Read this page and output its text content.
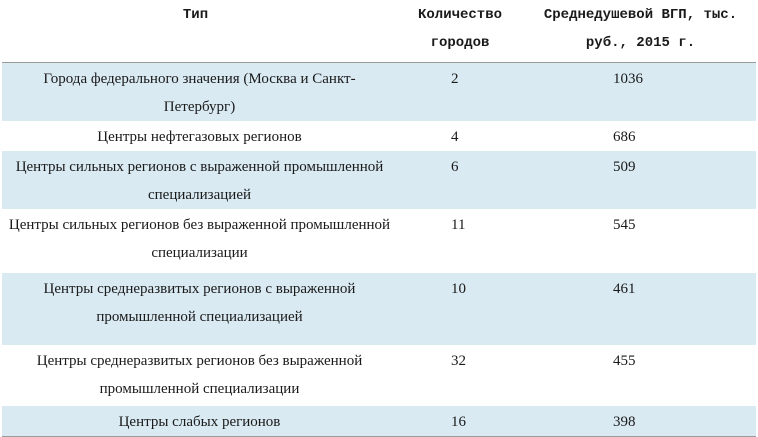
Тип	Количество городов	Среднедушевой ВГП, тыс. руб., 2015 г.

Города федерального значения (Москва и Санкт-Петербург)	2	1036

Центры нефтегазовых регионов	4	686

Центры сильных регионов с выраженной промышленной специализацией	6	509

Центры сильных регионов без выраженной промышленной специализации	11	545

Центры среднеразвитых регионов с выраженной промышленной специализацией	10	461

Центры среднеразвитых регионов без выраженной промышленной специализации	32	455

Центры слабых регионов	16	398
